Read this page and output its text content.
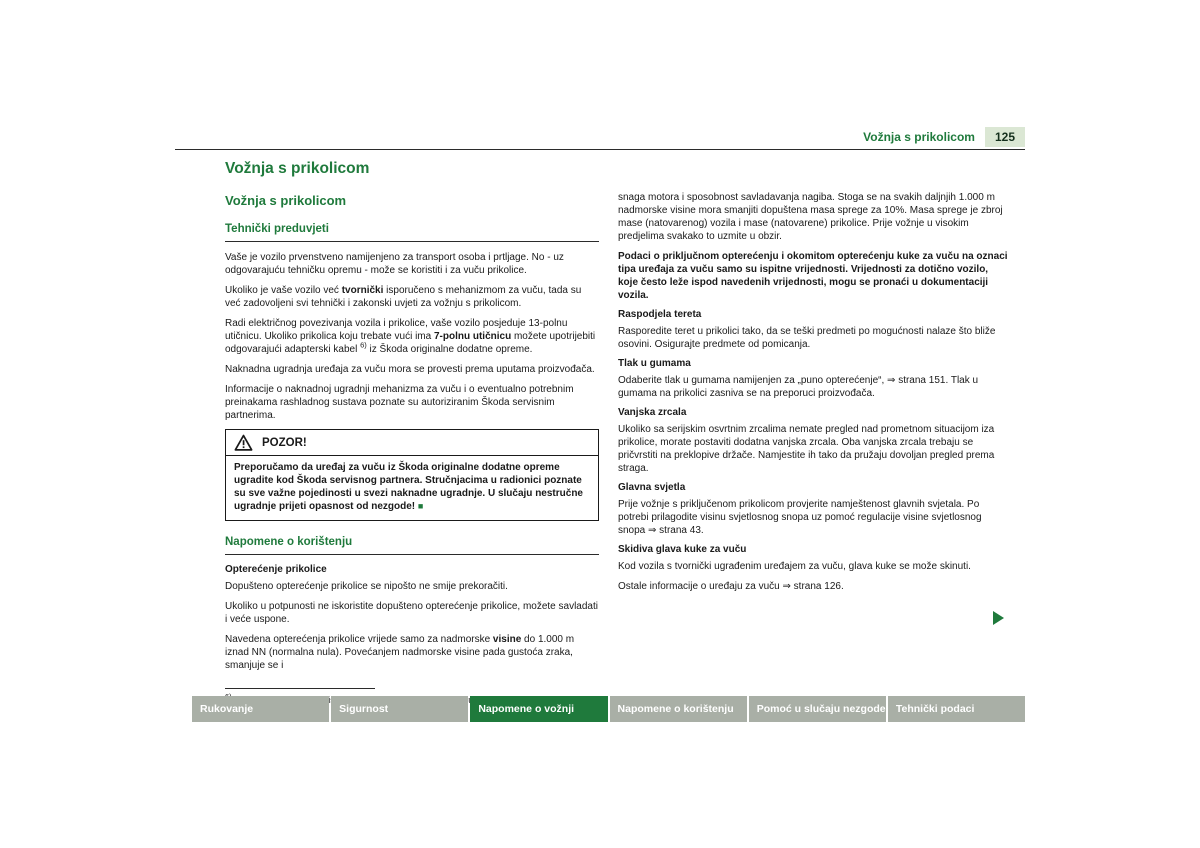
Vožnja s prikolicom	125
Vožnja s prikolicom
Vožnja s prikolicom
Tehnički preduvjeti

Vaše je vozilo prvenstveno namijenjeno za transport osoba i prtljage. No - uz odgovarajuću tehničku opremu - može se koristiti i za vuču prikolice.

Ukoliko je vaše vozilo već tvornički isporučeno s mehanizmom za vuču, tada su već zadovoljeni svi tehnički i zakonski uvjeti za vožnju s prikolicom.

Radi električnog povezivanja vozila i prikolice, vaše vozilo posjeduje 13-polnu utičnicu. Ukoliko prikolica koju trebate vući ima 7-polnu utičnicu možete upotrijebiti odgovarajući adapterski kabel $^{6)}$ iz Škoda originalne dodatne opreme.

Naknadna ugradnja uređaja za vuču mora se provesti prema uputama proizvođača.

Informacije o naknadnoj ugradnji mehanizma za vuču i o eventualno potrebnim preinakama rashladnog sustava poznate su autoriziranim Škoda servisnim partnerima.

POZOR!
Preporučamo da uređaj za vuču iz Škoda originalne dodatne opreme ugradite kod Škoda servisnog partnera. Stručnjacima u radionici poznate su sve važne pojedinosti u svezi naknadne ugradnje. U slučaju nestručne ugradnje prijeti opasnost od nezgode! ■
Napomene o korištenju
Opterećenje prikolice

Dopušteno opterećenje prikolice se nipošto ne smije prekoračiti.

Ukoliko u potpunosti ne iskoristite dopušteno opterećenje prikolice, možete savladati i veće uspone.

Navedena opterećenja prikolice vrijede samo za nadmorske visine do 1.000 m iznad NN (normalna nula). Povećanjem nadmorske visine pada gustoća zraka, smanjuje se i

snaga motora i sposobnost savladavanja nagiba. Stoga se na svakih daljnjih 1.000 m nadmorske visine mora smanjiti dopuštena masa sprege za 10%. Masa sprege je zbroj mase (natovarenog) vozila i mase (natovarene) prikolice. Prije vožnje u visokim predjelima svakako to uzmite u obzir.

Podaci o priključnom opterećenju i okomitom opterećenju kuke za vuču na oznaci tipa uređaja za vuču samo su ispitne vrijednosti. Vrijednosti za dotično vozilo, koje često leže ispod navedenih vrijednosti, mogu se pronaći u dokumentaciji vozila.

Raspodjela tereta

Rasporedite teret u prikolici tako, da se teški predmeti po mogućnosti nalaze što bliže osovini. Osigurajte predmete od pomicanja.

Tlak u gumama

Odaberite tlak u gumama namijenjen za „puno opterećenje“, ⇒ strana 151. Tlak u gumama na prikolici zasniva se na preporuci proizvođača.

Vanjska zrcala

Ukoliko sa serijskim osvrtnim zrcalima nemate pregled nad prometnom situacijom iza prikolice, morate postaviti dodatna vanjska zrcala. Oba vanjska zrcala trebaju se pričvrstiti na preklopive držače. Namjestite ih tako da pružaju dovoljan pregled prema straga.

Glavna svjetla

Prije vožnje s priključenom prikolicom provjerite namještenost glavnih svjetala. Po potrebi prilagodite visinu svjetlosnog snopa uz pomoć regulacije visine svjetlosnog snopa ⇒ strana 43.

Skidiva glava kuke za vuču

Kod vozila s tvornički ugrađenim uređajem za vuču, glava kuke se može skinuti.

Ostale informacije o uređaju za vuču ⇒ strana 126.

Rukovanje	Sigurnost	Napomene o vožnji	Napomene o korištenju	Pomoć u slučaju nezgode Tehnički podaci
